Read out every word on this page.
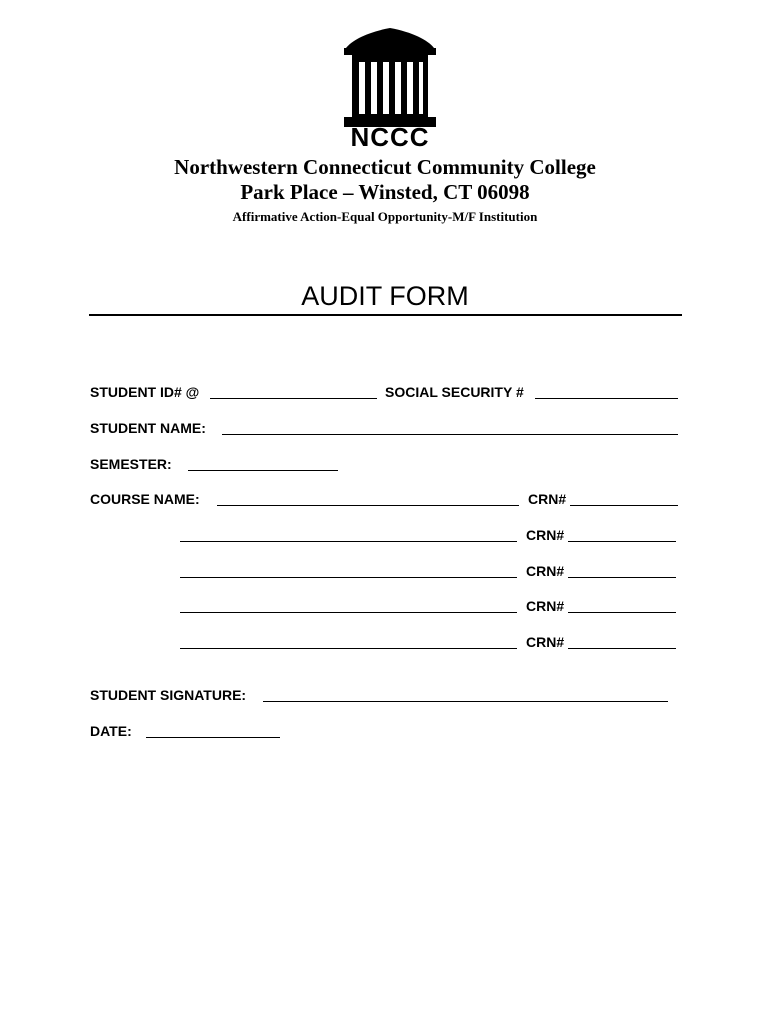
NCCC
Northwestern Connecticut Community College
Park Place – Winsted, CT 06098
Affirmative Action-Equal Opportunity-M/F Institution
AUDIT FORM
STUDENT ID# @	SOCIAL SECURITY #
STUDENT NAME:
SEMESTER:
COURSE NAME:	CRN#
CRN#
CRN#
CRN#
CRN#
STUDENT SIGNATURE:
DATE:
